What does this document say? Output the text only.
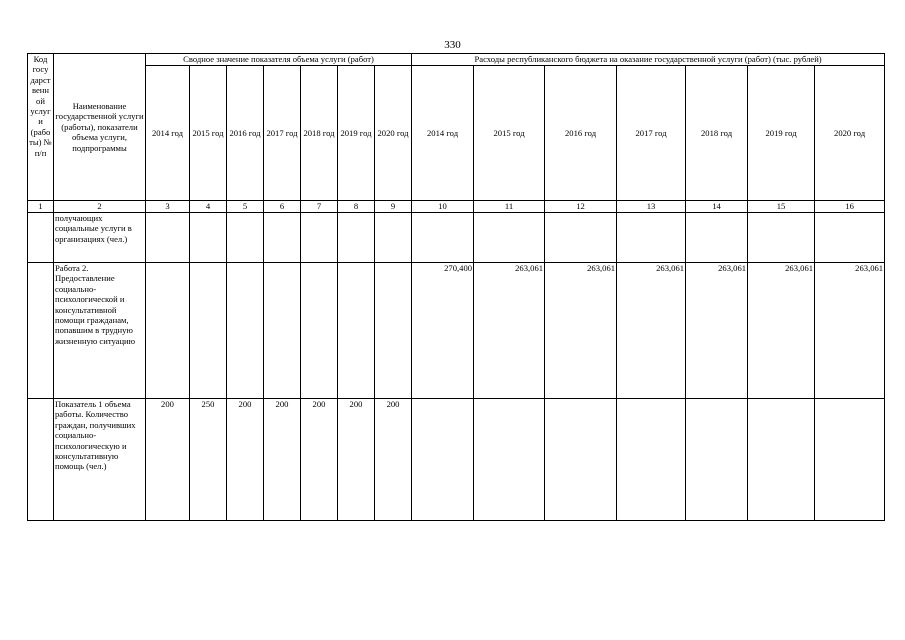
330
Код госу дарст венн ой услуг и (рабо ты) № п/п	Наименование государственной услуги (работы), показатели объема услуги, подпрограммы	Сводное значение показателя объема услуги (работ)							Расходы республиканского бюджета на оказание государственной услуги (работ) (тыс. рублей)						
		2014 год	2015 год	2016 год	2017 год	2018 год	2019 год	2020 год	2014 год	2015 год	2016 год	2017 год	2018 год	2019 год	2020 год
1	2	3	4	5	6	7	8	9	10	11	12	13	14	15	16
	получающих социальные услуги в организациях (чел.)														
	Работа 2. Предоставление социально-психологической и консультативной помощи гражданам, попавшим в трудную жизненную ситуацию								270,400	263,061	263,061	263,061	263,061	263,061	263,061
	Показатель 1 объема работы. Количество граждан, получивших социально-психологическую и консультативную помощь (чел.)	200	250	200	200	200	200	200							
